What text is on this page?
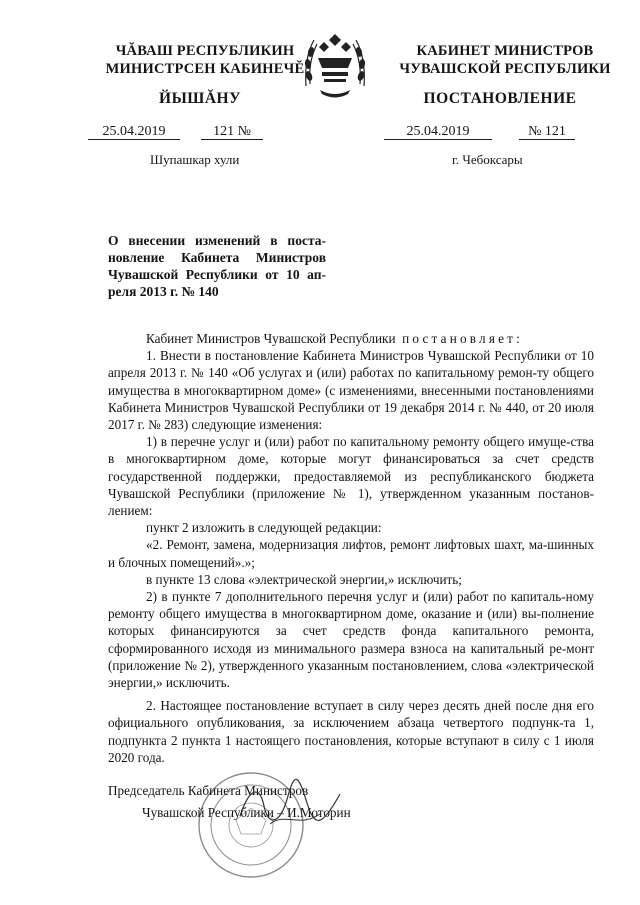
ЧĂВАШ РЕСПУБЛИКИН
МИНИСТРСЕН КАБИНЕЧĔ
КАБИНЕТ МИНИСТРОВ
ЧУВАШСКОЙ РЕСПУБЛИКИ
ЙЫШĂНУ	ПОСТАНОВЛЕНИЕ
25.04.2019	121 №	25.04.2019	№ 121
Шупашкар хули	г. Чебоксары
О внесении изменений в поста-новление Кабинета Министров Чувашской Республики от 10 ап-реля 2013 г. № 140

Кабинет Министров Чувашской Республики постановляет:

1. Внести в постановление Кабинета Министров Чувашской Республики от 10 апреля 2013 г. № 140 «Об услугах и (или) работах по капитальному ремон-ту общего имущества в многоквартирном доме» (с изменениями, внесенными постановлениями Кабинета Министров Чувашской Республики от 19 декабря 2014 г. № 440, от 20 июля 2017 г. № 283) следующие изменения:

1) в перечне услуг и (или) работ по капитальному ремонту общего имуще-ства в многоквартирном доме, которые могут финансироваться за счет средств государственной поддержки, предоставляемой из республиканского бюджета Чувашской Республики (приложение № 1), утвержденном указанным постанов-лением:

пункт 2 изложить в следующей редакции:

«2. Ремонт, замена, модернизация лифтов, ремонт лифтовых шахт, ма-шинных и блочных помещений».»;

в пункте 13 слова «электрической энергии,» исключить;

2) в пункте 7 дополнительного перечня услуг и (или) работ по капиталь-ному ремонту общего имущества в многоквартирном доме, оказание и (или) вы-полнение которых финансируются за счет средств фонда капитального ремонта, сформированного исходя из минимального размера взноса на капитальный ре-монт (приложение № 2), утвержденного указанным постановлением, слова «электрической энергии,» исключить.

2. Настоящее постановление вступает в силу через десять дней после дня его официального опубликования, за исключением абзаца четвертого подпунк-та 1, подпункта 2 пункта 1 настоящего постановления, которые вступают в силу с 1 июля 2020 года.

Председатель Кабинета Министров
Чувашской Республики – И.Моторин
